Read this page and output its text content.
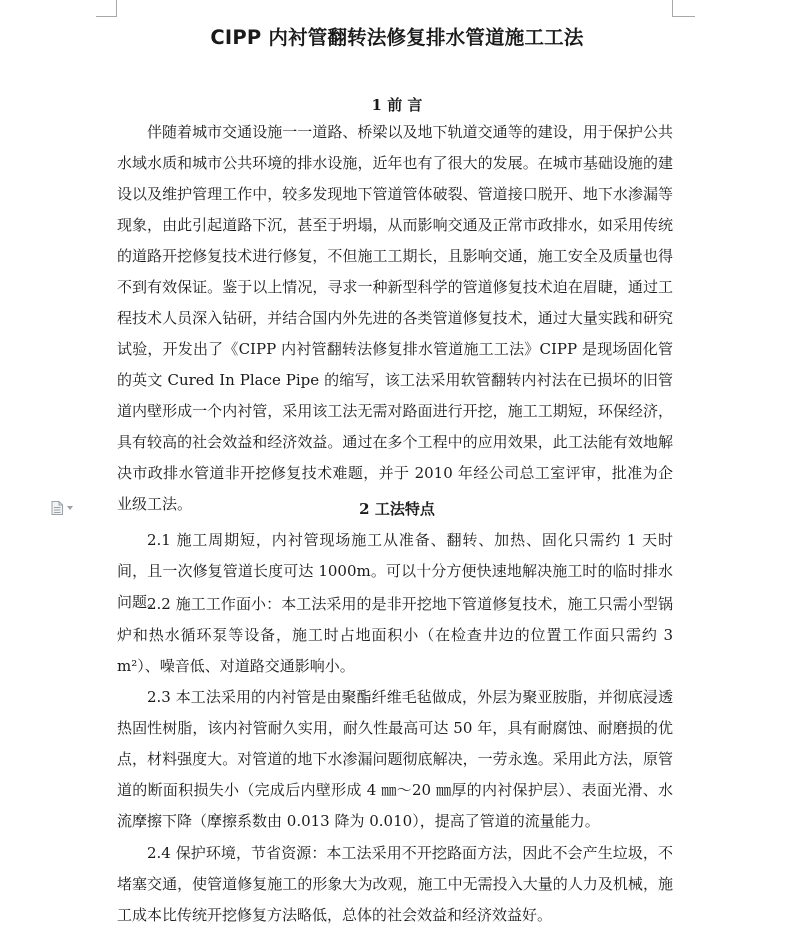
CIPP 内衬管翻转法修复排水管道施工工法
1 前 言

伴随着城市交通设施一一道路、桥梁以及地下轨道交通等的建设，用于保护公共水域水质和城市公共环境的排水设施，近年也有了很大的发展。在城市基础设施的建设以及维护管理工作中，较多发现地下管道管体破裂、管道接口脱开、地下水渗漏等现象，由此引起道路下沉，甚至于坍塌，从而影响交通及正常市政排水，如采用传统的道路开挖修复技术进行修复，不但施工工期长，且影响交通，施工安全及质量也得不到有效保证。鉴于以上情况，寻求一种新型科学的管道修复技术迫在眉睫，通过工程技术人员深入钻研，并结合国内外先进的各类管道修复技术，通过大量实践和研究试验，开发出了《CIPP 内衬管翻转法修复排水管道施工工法》CIPP 是现场固化管的英文 Cured In Place Pipe 的缩写，该工法采用软管翻转内衬法在已损坏的旧管道内壁形成一个内衬管，采用该工法无需对路面进行开挖，施工工期短，环保经济，具有较高的社会效益和经济效益。通过在多个工程中的应用效果，此工法能有效地解决市政排水管道非开挖修复技术难题，并于 2010 年经公司总工室评审，批准为企业级工法。	2 工法特点

2.1 施工周期短，内衬管现场施工从准备、翻转、加热、固化只需约 1 天时间，且一次修复管道长度可达 1000m。可以十分方便快速地解决施工时的临时排水问题。

2.2 施工工作面小：本工法采用的是非开挖地下管道修复技术，施工只需小型锅炉和热水循环泵等设备，施工时占地面积小（在检查井边的位置工作面只需约 3 m²）、噪音低、对道路交通影响小。

2.3 本工法采用的内衬管是由聚酯纤维毛毡做成，外层为聚亚胺脂，并彻底浸透热固性树脂，该内衬管耐久实用，耐久性最高可达 50 年，具有耐腐蚀、耐磨损的优点，材料强度大。对管道的地下水渗漏问题彻底解决，一劳永逸。采用此方法，原管道的断面积损失小（完成后内壁形成 4 ㎜～20 ㎜厚的内衬保护层）、表面光滑、水流摩擦下降（摩擦系数由 0.013 降为 0.010），提高了管道的流量能力。

2.4 保护环境，节省资源：本工法采用不开挖路面方法，因此不会产生垃圾，不堵塞交通，使管道修复施工的形象大为改观，施工中无需投入大量的人力及机械，施工成本比传统开挖修复方法略低，总体的社会效益和经济效益好。
